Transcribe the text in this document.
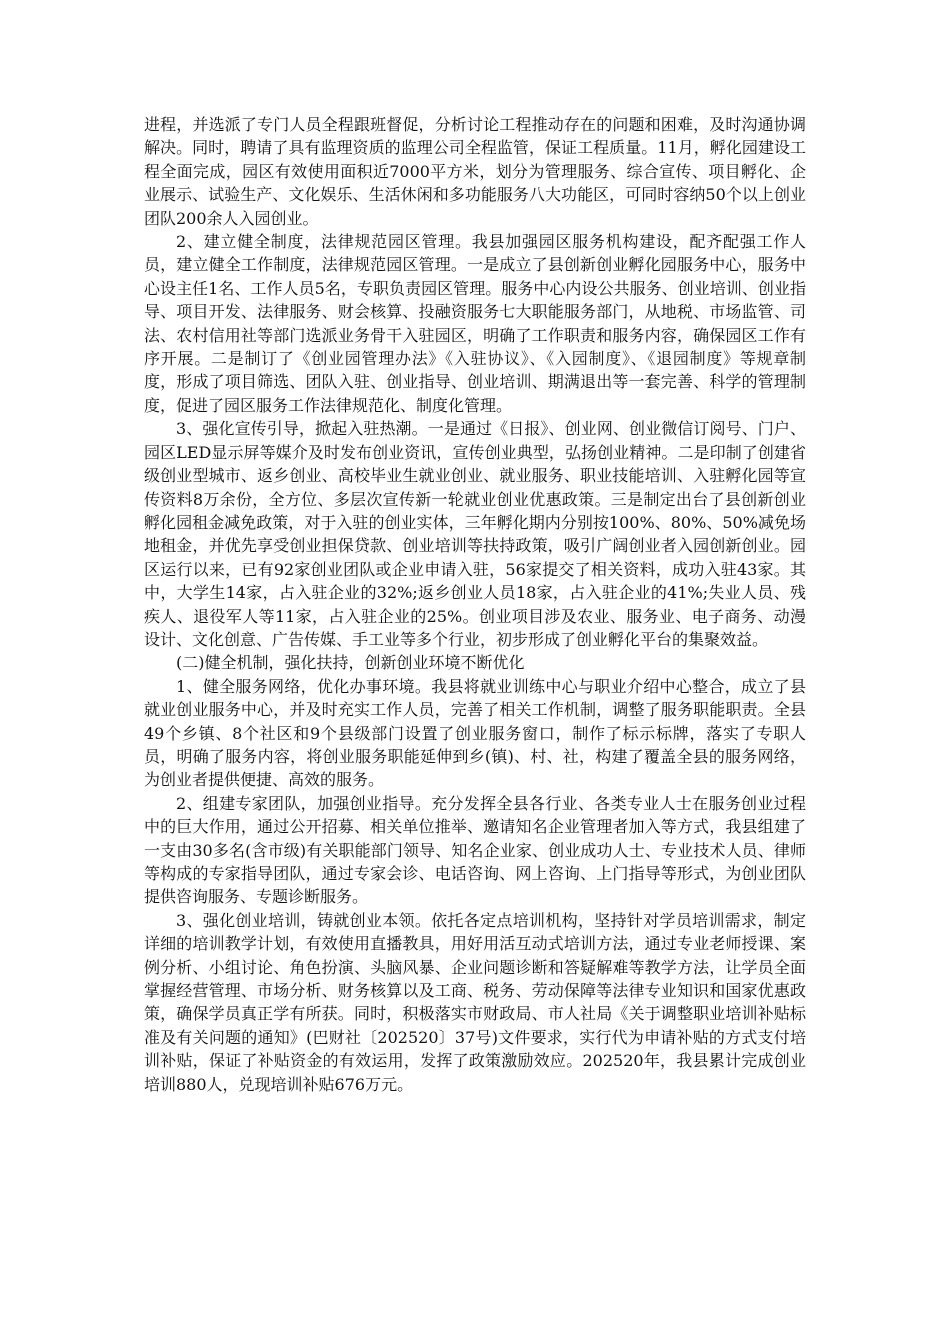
进程，并选派了专门人员全程跟班督促，分析讨论工程推动存在的问题和困难，及时沟通协调解决。同时，聘请了具有监理资质的监理公司全程监管，保证工程质量。11月，孵化园建设工程全面完成，园区有效使用面积近7000平方米，划分为管理服务、综合宣传、项目孵化、企业展示、试验生产、文化娱乐、生活休闲和多功能服务八大功能区，可同时容纳50个以上创业团队200余人入园创业。

2、建立健全制度，法律规范园区管理。我县加强园区服务机构建设，配齐配强工作人员，建立健全工作制度，法律规范园区管理。一是成立了县创新创业孵化园服务中心，服务中心设主任1名、工作人员5名，专职负责园区管理。服务中心内设公共服务、创业培训、创业指导、项目开发、法律服务、财会核算、投融资服务七大职能服务部门，从地税、市场监管、司法、农村信用社等部门选派业务骨干入驻园区，明确了工作职责和服务内容，确保园区工作有序开展。二是制订了《创业园管理办法》《入驻协议》、《入园制度》、《退园制度》等规章制度，形成了项目筛选、团队入驻、创业指导、创业培训、期满退出等一套完善、科学的管理制度，促进了园区服务工作法律规范化、制度化管理。

3、强化宣传引导，掀起入驻热潮。一是通过《日报》、创业网、创业微信订阅号、门户、园区LED显示屏等媒介及时发布创业资讯，宣传创业典型，弘扬创业精神。二是印制了创建省级创业型城市、返乡创业、高校毕业生就业创业、就业服务、职业技能培训、入驻孵化园等宣传资料8万余份，全方位、多层次宣传新一轮就业创业优惠政策。三是制定出台了县创新创业孵化园租金减免政策，对于入驻的创业实体，三年孵化期内分别按100%、80%、50%减免场地租金，并优先享受创业担保贷款、创业培训等扶持政策，吸引广阔创业者入园创新创业。园区运行以来，已有92家创业团队或企业申请入驻，56家提交了相关资料，成功入驻43家。其中，大学生14家，占入驻企业的32%;返乡创业人员18家，占入驻企业的41%;失业人员、残疾人、退役军人等11家，占入驻企业的25%。创业项目涉及农业、服务业、电子商务、动漫设计、文化创意、广告传媒、手工业等多个行业，初步形成了创业孵化平台的集聚效益。

(二)健全机制，强化扶持，创新创业环境不断优化

1、健全服务网络，优化办事环境。我县将就业训练中心与职业介绍中心整合，成立了县就业创业服务中心，并及时充实工作人员，完善了相关工作机制，调整了服务职能职责。全县49个乡镇、8个社区和9个县级部门设置了创业服务窗口，制作了标示标牌，落实了专职人员，明确了服务内容，将创业服务职能延伸到乡(镇)、村、社，构建了覆盖全县的服务网络，为创业者提供便捷、高效的服务。

2、组建专家团队，加强创业指导。充分发挥全县各行业、各类专业人士在服务创业过程中的巨大作用，通过公开招募、相关单位推举、邀请知名企业管理者加入等方式，我县组建了一支由30多名(含市级)有关职能部门领导、知名企业家、创业成功人士、专业技术人员、律师等构成的专家指导团队，通过专家会诊、电话咨询、网上咨询、上门指导等形式，为创业团队提供咨询服务、专题诊断服务。

3、强化创业培训，铸就创业本领。依托各定点培训机构，坚持针对学员培训需求，制定详细的培训教学计划，有效使用直播教具，用好用活互动式培训方法，通过专业老师授课、案例分析、小组讨论、角色扮演、头脑风暴、企业问题诊断和答疑解难等教学方法，让学员全面掌握经营管理、市场分析、财务核算以及工商、税务、劳动保障等法律专业知识和国家优惠政策，确保学员真正学有所获。同时，积极落实市财政局、市人社局《关于调整职业培训补贴标准及有关问题的通知》(巴财社〔202520〕37号)文件要求，实行代为申请补贴的方式支付培训补贴，保证了补贴资金的有效运用，发挥了政策激励效应。202520年，我县累计完成创业培训880人，兑现培训补贴676万元。
